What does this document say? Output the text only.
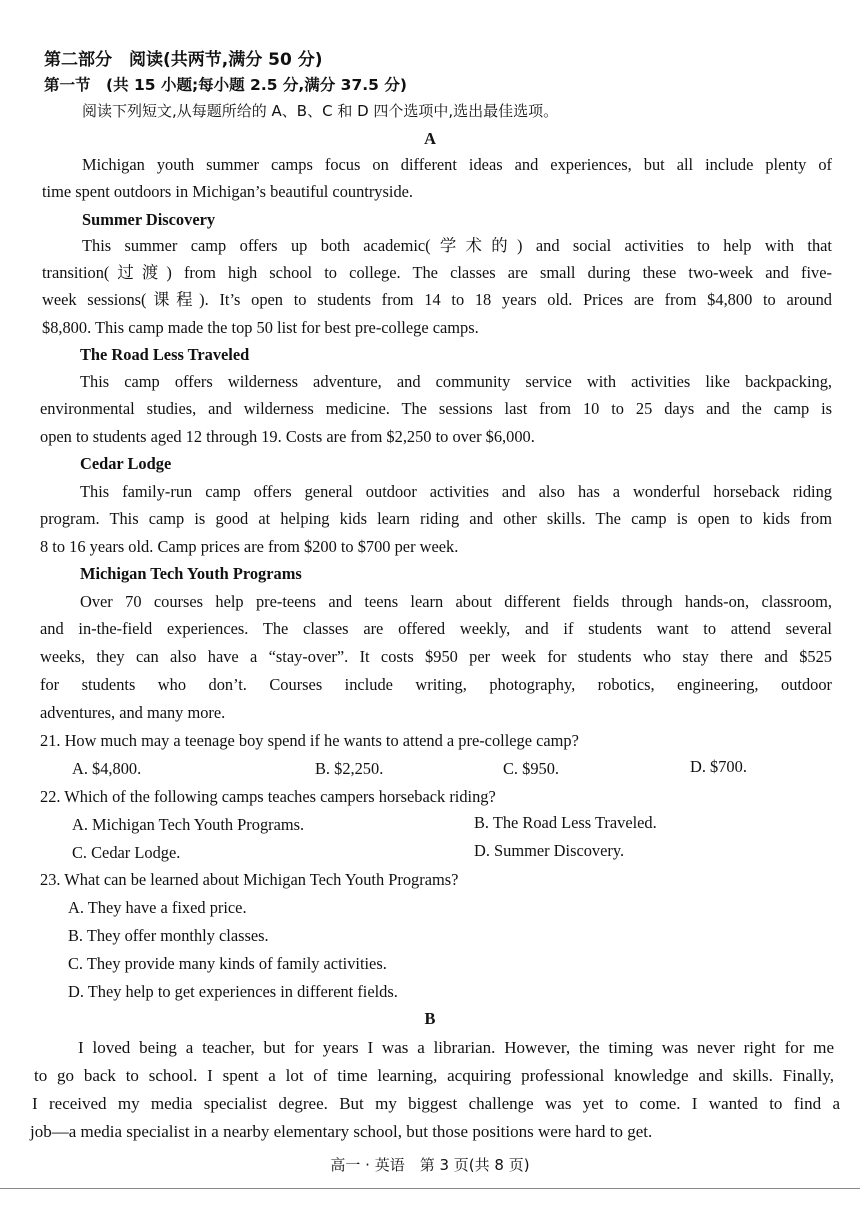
第二部分　阅读(共两节,满分 50 分)
第一节　(共 15 小题;每小题 2.5 分,满分 37.5 分)
阅读下列短文,从每题所给的 A、B、C 和 D 四个选项中,选出最佳选项。
A
Michigan youth summer camps focus on different ideas and experiences, but all include plenty of
time spent outdoors in Michigan’s beautiful countryside.
Summer Discovery
This summer camp offers up both academic(学术的) and social activities to help with that
transition(过渡) from high school to college. The classes are small during these two-week and five-
week sessions(课程). It’s open to students from 14 to 18 years old. Prices are from $4,800 to around
$8,800. This camp made the top 50 list for best pre-college camps.
The Road Less Traveled
This camp offers wilderness adventure, and community service with activities like backpacking,
environmental studies, and wilderness medicine. The sessions last from 10 to 25 days and the camp is
open to students aged 12 through 19. Costs are from $2,250 to over $6,000.
Cedar Lodge
This family-run camp offers general outdoor activities and also has a wonderful horseback riding
program. This camp is good at helping kids learn riding and other skills. The camp is open to kids from
8 to 16 years old. Camp prices are from $200 to $700 per week.
Michigan Tech Youth Programs
Over 70 courses help pre-teens and teens learn about different fields through hands-on, classroom,
and in-the-field experiences. The classes are offered weekly, and if students want to attend several
weeks, they can also have a “stay-over”. It costs $950 per week for students who stay there and $525
for students who don’t. Courses include writing, photography, robotics, engineering, outdoor
adventures, and many more.
21. How much may a teenage boy spend if he wants to attend a pre-college camp?
A. $4,800.	B. $2,250.	C. $950.	D. $700.
22. Which of the following camps teaches campers horseback riding?
A. Michigan Tech Youth Programs.	B. The Road Less Traveled.
C. Cedar Lodge.	D. Summer Discovery.
23. What can be learned about Michigan Tech Youth Programs?
A. They have a fixed price.
B. They offer monthly classes.
C. They provide many kinds of family activities.
D. They help to get experiences in different fields.
B
I loved being a teacher, but for years I was a librarian. However, the timing was never right for me
to go back to school. I spent a lot of time learning, acquiring professional knowledge and skills. Finally,
I received my media specialist degree. But my biggest challenge was yet to come. I wanted to find a
job—a media specialist in a nearby elementary school, but those positions were hard to get.
高一 · 英语　第 3 页(共 8 页)
